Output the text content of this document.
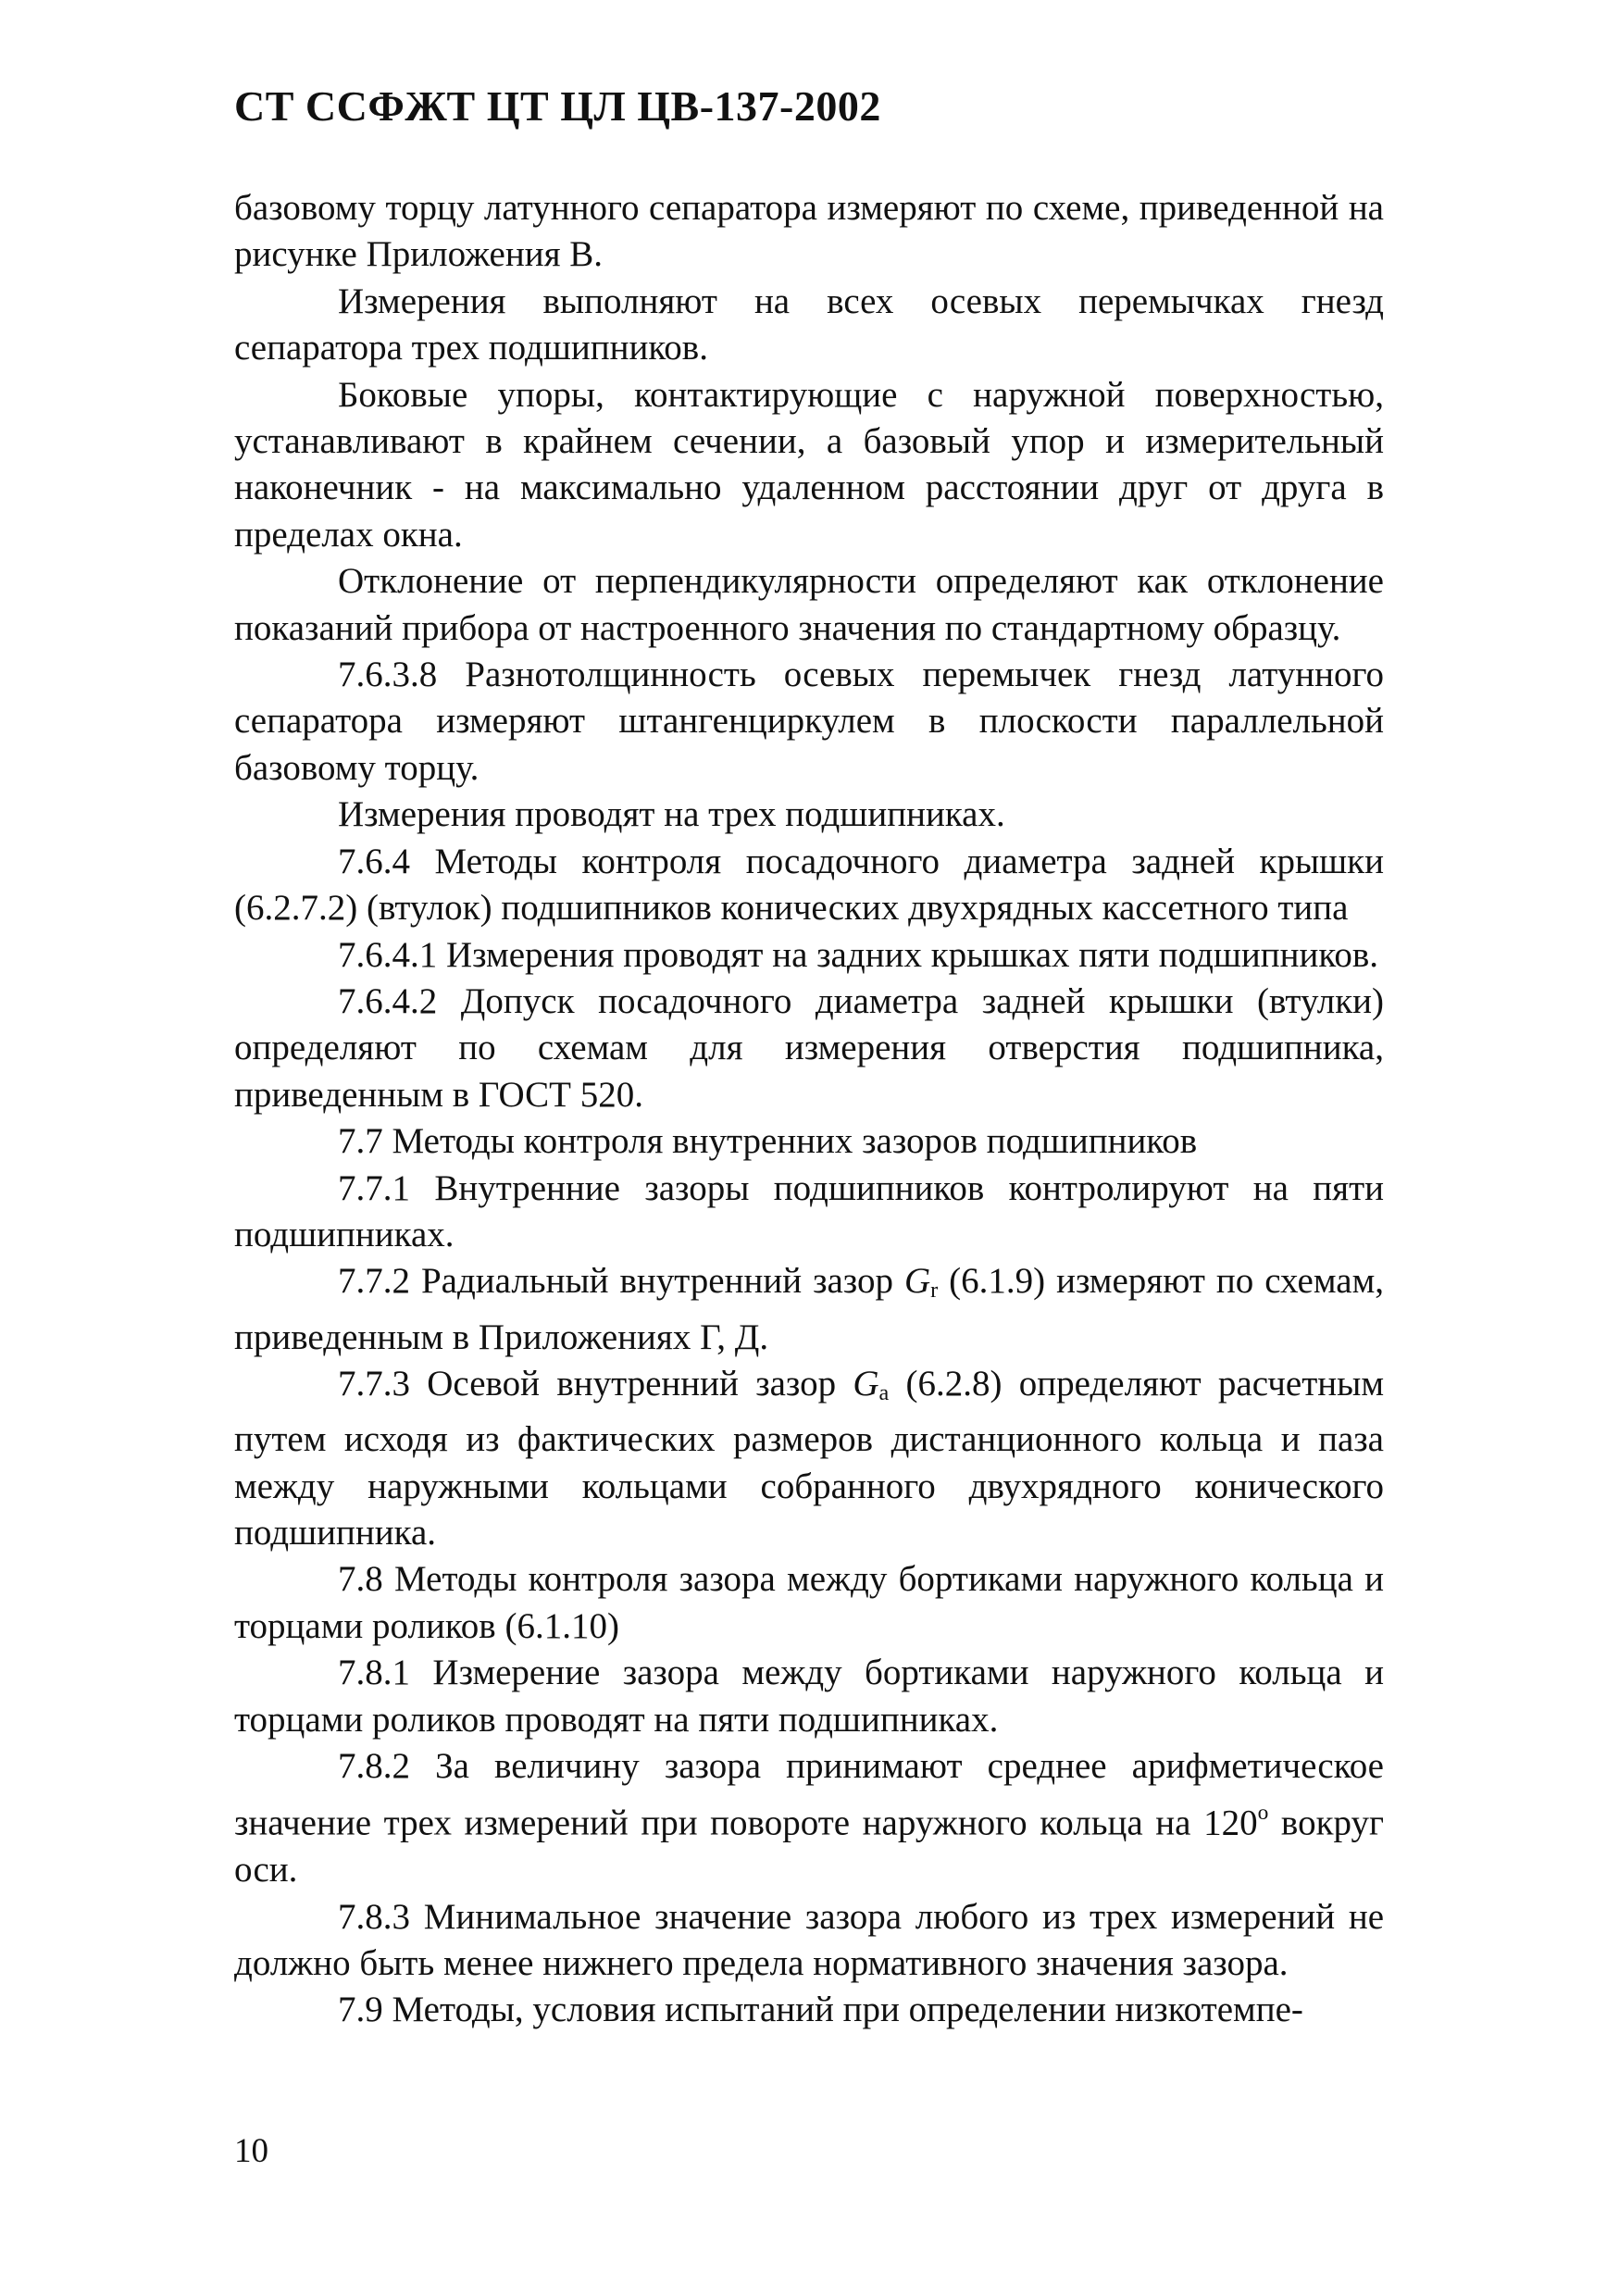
СТ ССФЖТ ЦТ ЦЛ ЦВ-137-2002

базовому торцу латунного сепаратора измеряют по схеме, приведенной на рисунке Приложения В.

Измерения выполняют на всех осевых перемычках гнезд сепаратора трех подшипников.

Боковые упоры, контактирующие с наружной поверхностью, устанавливают в крайнем сечении, а базовый упор и измерительный наконечник - на максимально удаленном расстоянии друг от друга в пределах окна.

Отклонение от перпендикулярности определяют как отклонение показаний прибора от настроенного значения по стандартному образцу.

7.6.3.8 Разнотолщинность осевых перемычек гнезд латунного сепаратора измеряют штангенциркулем в плоскости параллельной базовому торцу.

Измерения проводят на трех подшипниках.

7.6.4 Методы контроля посадочного диаметра задней крышки (6.2.7.2) (втулок) подшипников конических двухрядных кассетного типа

7.6.4.1 Измерения проводят на задних крышках пяти подшипников.

7.6.4.2 Допуск посадочного диаметра задней крышки (втулки) определяют по схемам для измерения отверстия подшипника, приведенным в ГОСТ 520.

7.7 Методы контроля внутренних зазоров подшипников

7.7.1 Внутренние зазоры подшипников контролируют на пяти подшипниках.

7.7.2 Радиальный внутренний зазор $G_r$ (6.1.9) измеряют по схемам, приведенным в Приложениях Г, Д.

7.7.3 Осевой внутренний зазор $G_a$ (6.2.8) определяют расчетным путем исходя из фактических размеров дистанционного кольца и паза между наружными кольцами собранного двухрядного конического подшипника.

7.8 Методы контроля зазора между бортиками наружного кольца и торцами роликов (6.1.10)

7.8.1 Измерение зазора между бортиками наружного кольца и торцами роликов проводят на пяти подшипниках.

7.8.2 За величину зазора принимают среднее арифметическое значение трех измерений при повороте наружного кольца на 120$^o$ вокруг оси.

7.8.3 Минимальное значение зазора любого из трех измерений не должно быть менее нижнего предела нормативного значения зазора.

7.9 Методы, условия испытаний при определении низкотемпе-

10
